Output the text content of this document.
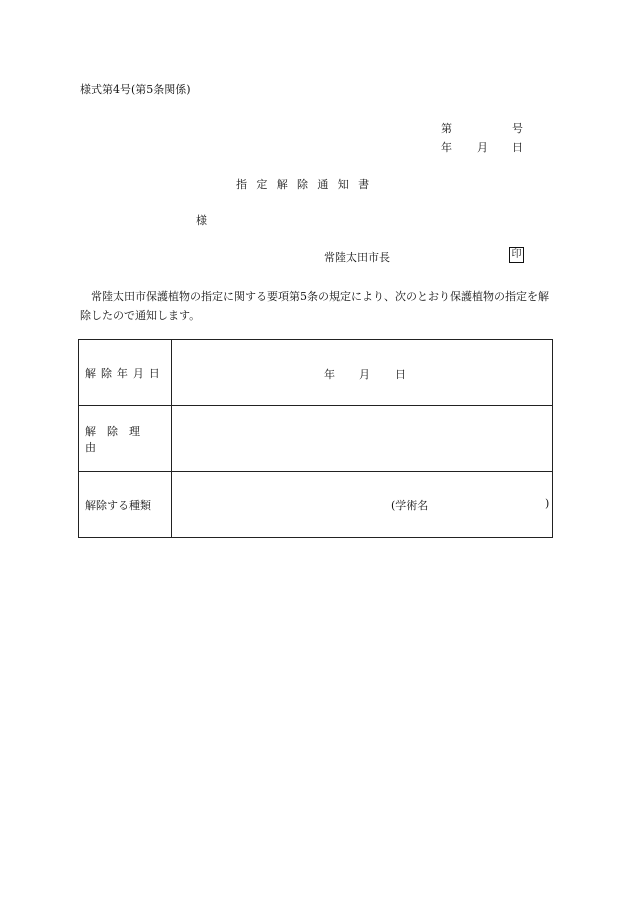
様式第4号(第5条関係)
第	号
年 月 日
指定解除通知書
様
常陸太田市長	印
常陸太田市保護植物の指定に関する要項第5条の規定により、次のとおり保護植物の指定を解除したので通知します。
解除年月日	年 月 日

解除理由	
解除する種類	(学術名 )
